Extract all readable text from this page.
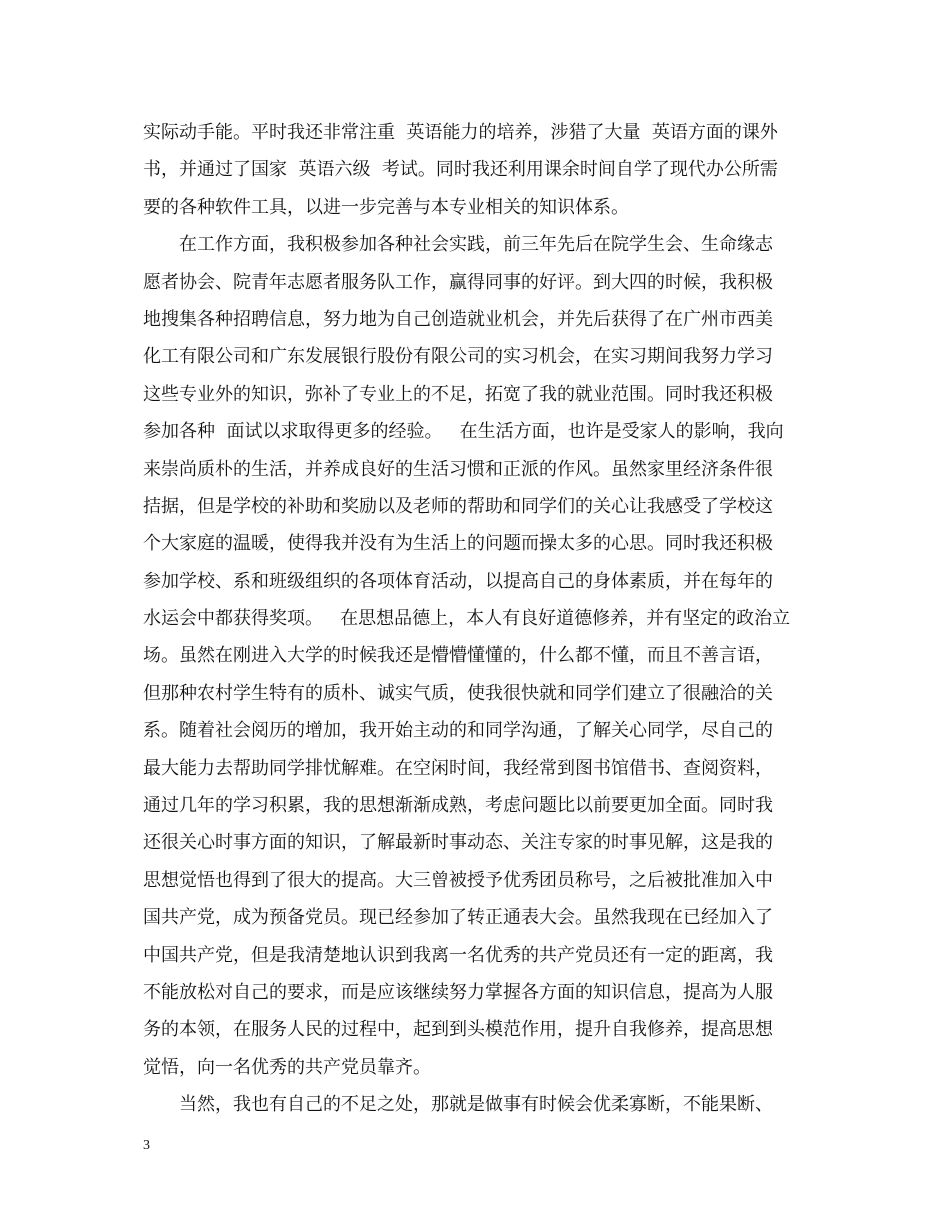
实际动手能。平时我还非常注重  英语能力的培养，涉猎了大量  英语方面的课外
书，并通过了国家  英语六级  考试。同时我还利用课余时间自学了现代办公所需
要的各种软件工具，以进一步完善与本专业相关的知识体系。
在工作方面，我积极参加各种社会实践，前三年先后在院学生会、生命缘志
愿者协会、院青年志愿者服务队工作，赢得同事的好评。到大四的时候，我积极
地搜集各种招聘信息，努力地为自己创造就业机会，并先后获得了在广州市西美
化工有限公司和广东发展银行股份有限公司的实习机会，在实习期间我努力学习
这些专业外的知识，弥补了专业上的不足，拓宽了我的就业范围。同时我还积极
参加各种  面试以求取得更多的经验。   在生活方面，也许是受家人的影响，我向
来崇尚质朴的生活，并养成良好的生活习惯和正派的作风。虽然家里经济条件很
拮据，但是学校的补助和奖励以及老师的帮助和同学们的关心让我感受了学校这
个大家庭的温暖，使得我并没有为生活上的问题而操太多的心思。同时我还积极
参加学校、系和班级组织的各项体育活动，以提高自己的身体素质，并在每年的
水运会中都获得奖项。   在思想品德上，本人有良好道德修养，并有坚定的政治立
场。虽然在刚进入大学的时候我还是懵懵懂懂的，什么都不懂，而且不善言语，
但那种农村学生特有的质朴、诚实气质，使我很快就和同学们建立了很融洽的关
系。随着社会阅历的增加，我开始主动的和同学沟通，了解关心同学，尽自己的
最大能力去帮助同学排忧解难。在空闲时间，我经常到图书馆借书、查阅资料，
通过几年的学习积累，我的思想渐渐成熟，考虑问题比以前要更加全面。同时我
还很关心时事方面的知识，了解最新时事动态、关注专家的时事见解，这是我的
思想觉悟也得到了很大的提高。大三曾被授予优秀团员称号，之后被批准加入中
国共产党，成为预备党员。现已经参加了转正通表大会。虽然我现在已经加入了
中国共产党，但是我清楚地认识到我离一名优秀的共产党员还有一定的距离，我
不能放松对自己的要求，而是应该继续努力掌握各方面的知识信息，提高为人服
务的本领，在服务人民的过程中，起到到头模范作用，提升自我修养，提高思想
觉悟，向一名优秀的共产党员靠齐。
当然，我也有自己的不足之处，那就是做事有时候会优柔寡断，不能果断、
3
